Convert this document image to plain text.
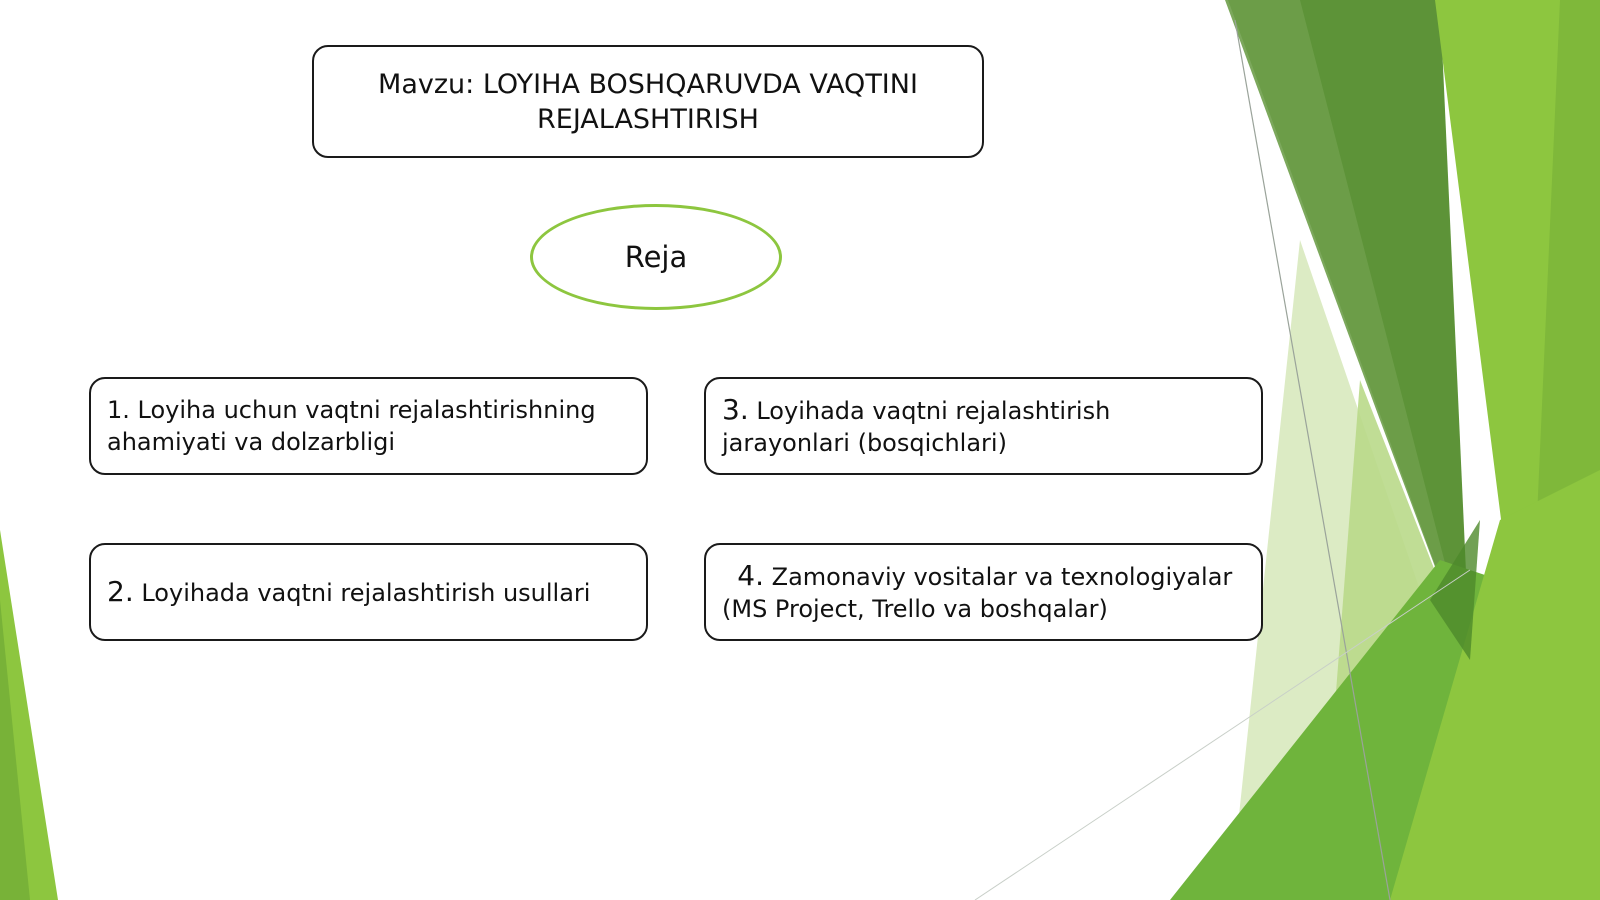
Mavzu: LOYIHA BOSHQARUVDA VAQTINI
REJALASHTIRISH
Reja
1. Loyiha uchun vaqtni rejalashtirishning
ahamiyati va dolzarbligi
3. Loyihada vaqtni rejalashtirish
jarayonlari (bosqichlari)
2. Loyihada vaqtni rejalashtirish usullari
4. Zamonaviy vositalar va texnologiyalar
(MS Project, Trello va boshqalar)
